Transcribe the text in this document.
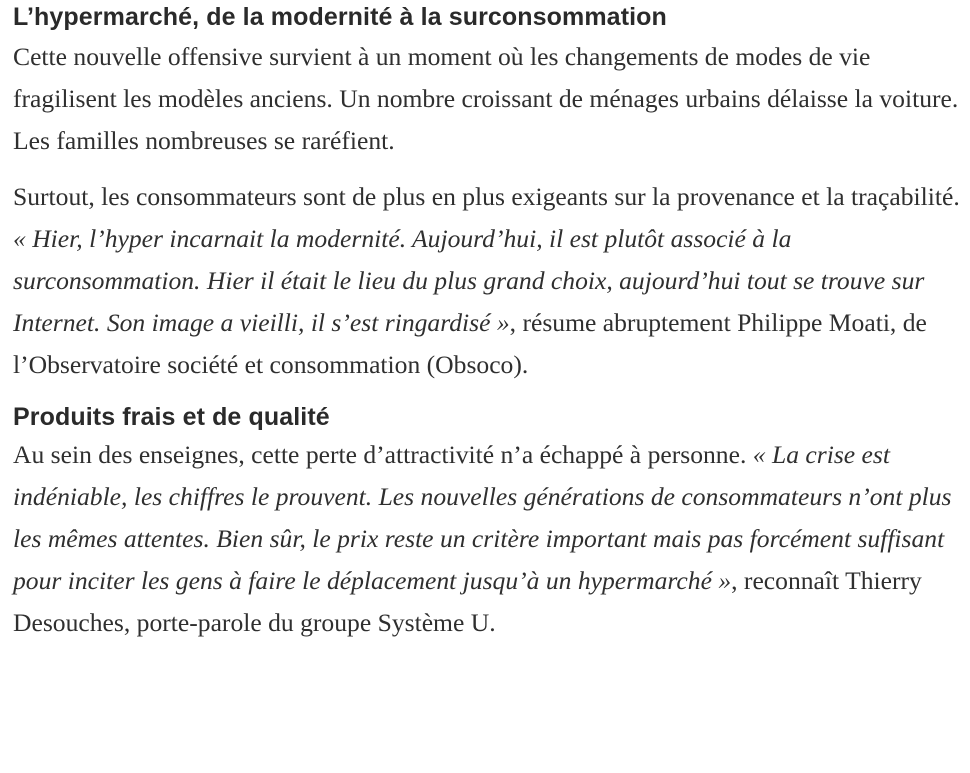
L’hypermarché, de la modernité à la surconsommation

Cette nouvelle offensive survient à un moment où les changements de modes de vie fragilisent les modèles anciens. Un nombre croissant de ménages urbains délaisse la voiture. Les familles nombreuses se raréfient.

Surtout, les consommateurs sont de plus en plus exigeants sur la provenance et la traçabilité. « Hier, l’hyper incarnait la modernité. Aujourd’hui, il est plutôt associé à la surconsommation. Hier il était le lieu du plus grand choix, aujourd’hui tout se trouve sur Internet. Son image a vieilli, il s’est ringardisé », résume abruptement Philippe Moati, de l’Observatoire société et consommation (Obsoco).

Produits frais et de qualité

Au sein des enseignes, cette perte d’attractivité n’a échappé à personne. « La crise est indéniable, les chiffres le prouvent. Les nouvelles générations de consommateurs n’ont plus les mêmes attentes. Bien sûr, le prix reste un critère important mais pas forcément suffisant pour inciter les gens à faire le déplacement jusqu’à un hypermarché », reconnaît Thierry Desouches, porte-parole du groupe Système U.
